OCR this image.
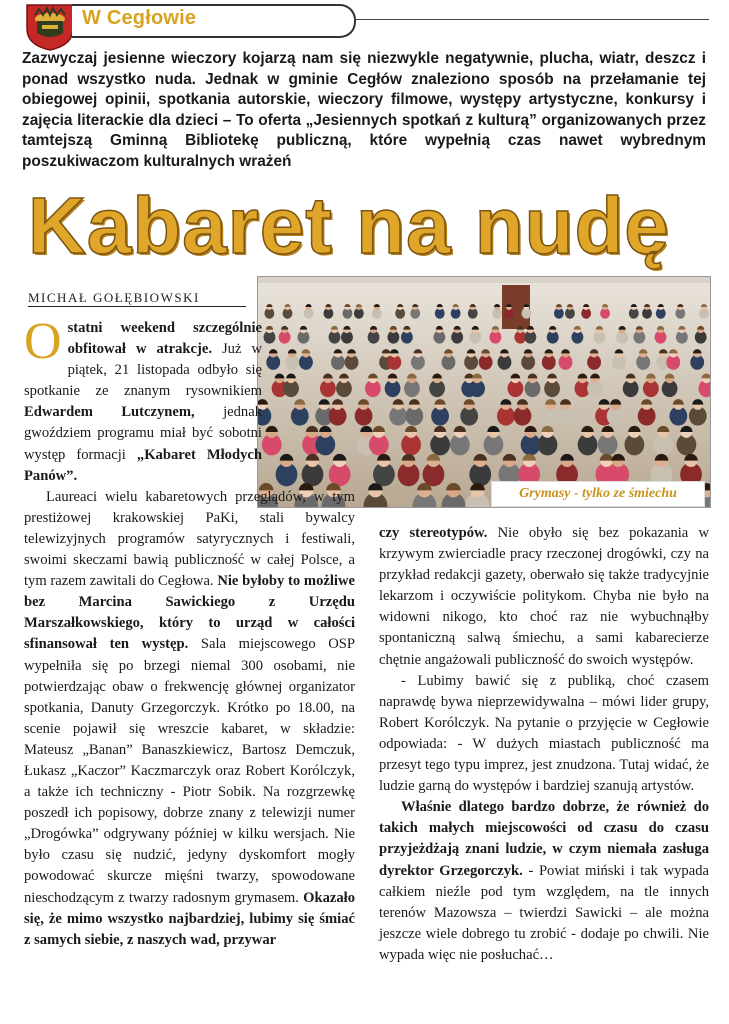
W Cegłowie
Zazwyczaj jesienne wieczory kojarzą nam się niezwykle negatywnie, plucha, wiatr, deszcz i ponad wszystko nuda. Jednak w gminie Cegłów znaleziono sposób na przełamanie tej obiegowej opinii, spotkania autorskie, wieczory filmowe, występy artystyczne, konkursy i zajęcia literackie dla dzieci – To oferta „Jesiennych spotkań z kulturą” organizowanych przez tamtejszą Gminną Bibliotekę publiczną, które wypełnią czas nawet wybrednym poszukiwaczom kulturalnych wrażeń
Kabaret na nudę
MICHAŁ GOŁĘBIOWSKI
Grymasy - tylko ze śmiechu

Ostatni weekend szczególnie obfitował w atrakcje. Już w piątek, 21 listopada odbyło się spotkanie ze znanym rysownikiem Edwardem Lutczynem, jednak gwoździem programu miał być sobotni występ formacji „Kabaret Młodych Panów”.

Laureaci wielu kabaretowych przeglądów, w tym prestiżowej krakowskiej PaKi, stali bywalcy telewizyjnych programów satyrycznych i festiwali, swoimi skeczami bawią publiczność w całej Polsce, a tym razem zawitali do Cegłowa. Nie byłoby to możliwe bez Marcina Sawickiego z Urzędu Marszałkowskiego, który to urząd w całości sfinansował ten występ. Sala miejscowego OSP wypełniła się po brzegi niemal 300 osobami, nie potwierdzając obaw o frekwencję głównej organizator spotkania, Danuty Grzegorczyk. Krótko po 18.00, na scenie pojawił się wreszcie kabaret, w składzie: Mateusz „Banan” Banaszkiewicz, Bartosz Demczuk, Łukasz „Kaczor” Kaczmarczyk oraz Robert Korólczyk, a także ich techniczny - Piotr Sobik. Na rozgrzewkę poszedł ich popisowy, dobrze znany z telewizji numer „Drogówka” odgrywany później w kilku wersjach. Nie było czasu się nudzić, jedyny dyskomfort mogły powodować skurcze mięśni twarzy, spowodowane nieschodzącym z twarzy radosnym grymasem. Okazało się, że mimo wszystko najbardziej, lubimy się śmiać z samych siebie, z naszych wad, przywar

czy stereotypów. Nie obyło się bez pokazania w krzywym zwierciadle pracy rzeczonej drogówki, czy na przykład redakcji gazety, oberwało się także tradycyjnie lekarzom i oczywiście politykom. Chyba nie było na widowni nikogo, kto choć raz nie wybuchnąłby spontaniczną salwą śmiechu, a sami kabarecierze chętnie angażowali publiczność do swoich występów.

- Lubimy bawić się z publiką, choć czasem naprawdę bywa nieprzewidywalna – mówi lider grupy, Robert Korólczyk. Na pytanie o przyjęcie w Cegłowie odpowiada: - W dużych miastach publiczność ma przesyt tego typu imprez, jest znudzona. Tutaj widać, że ludzie garną do występów i bardziej szanują artystów.

Właśnie dlatego bardzo dobrze, że również do takich małych miejscowości od czasu do czasu przyjeżdżają znani ludzie, w czym niemała zasługa dyrektor Grzegorczyk. - Powiat miński i tak wypada całkiem nieźle pod tym względem, na tle innych terenów Mazowsza – twierdzi Sawicki – ale można jeszcze wiele dobrego tu zrobić - dodaje po chwili. Nie wypada więc nie posłuchać…
